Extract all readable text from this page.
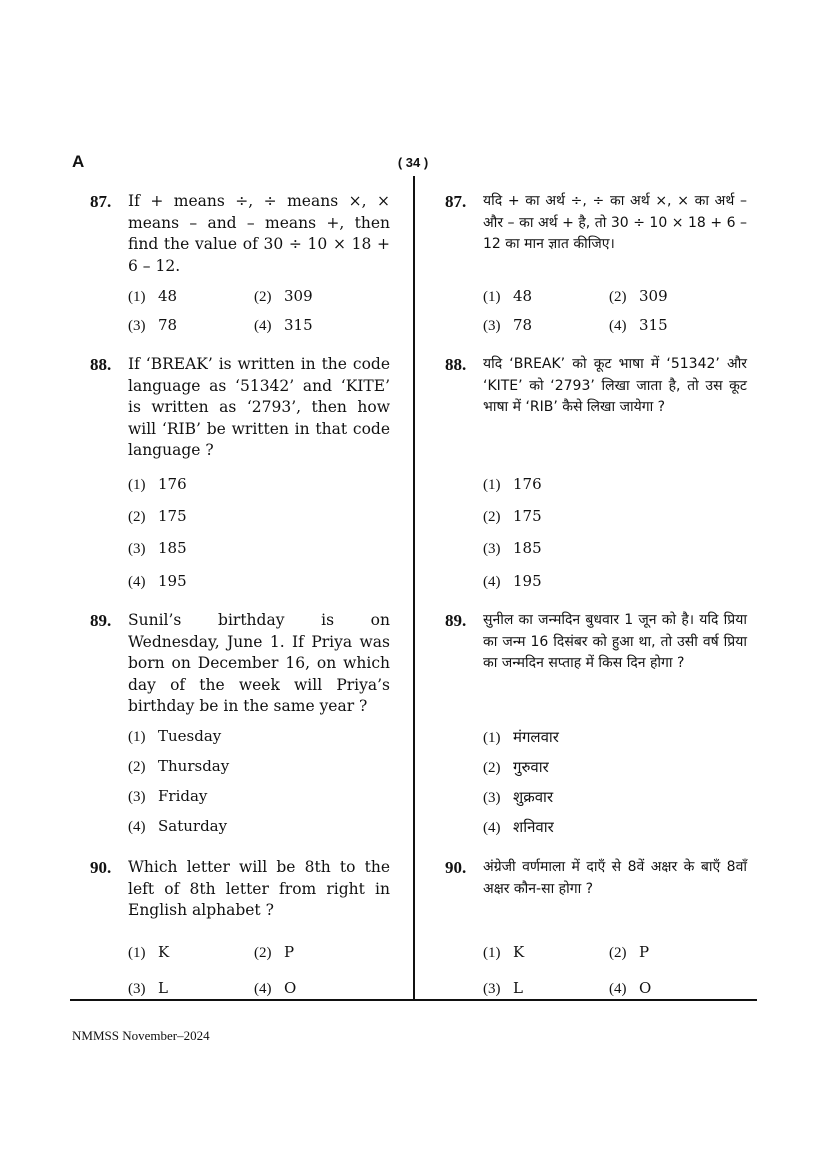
A	( 34 )
87. If + means ÷, ÷ means ×, × means – and – means +, then find the value of 30 ÷ 10 × 18 + 6 – 12.
(1) 48	(2) 309
(3) 78	(4) 315
88. If ‘BREAK’ is written in the code language as ‘51342’ and ‘KITE’ is written as ‘2793’, then how will ‘RIB’ be written in that code language ?
(1) 176
(2) 175
(3) 185
(4) 195
89. Sunil’s birthday is on Wednesday, June 1. If Priya was born on December 16, on which day of the week will Priya’s birthday be in the same year ?
(1) Tuesday
(2) Thursday
(3) Friday
(4) Saturday
90. Which letter will be 8th to the left of 8th letter from right in English alphabet ?
(1) K	(2) P
(3) L	(4) O
87. यदि + का अर्थ ÷, ÷ का अर्थ ×, × का अर्थ – और – का अर्थ + है, तो 30 ÷ 10 × 18 + 6 – 12 का मान ज्ञात कीजिए।
(1) 48	(2) 309
(3) 78	(4) 315
88. यदि ‘BREAK’ को कूट भाषा में ‘51342’ और ‘KITE’ को ‘2793’ लिखा जाता है, तो उस कूट भाषा में ‘RIB’ कैसे लिखा जायेगा ?
(1) 176
(2) 175
(3) 185
(4) 195
89. सुनील का जन्मदिन बुधवार 1 जून को है। यदि प्रिया का जन्म 16 दिसंबर को हुआ था, तो उसी वर्ष प्रिया का जन्मदिन सप्ताह में किस दिन होगा ?
(1) मंगलवार
(2) गुरुवार
(3) शुक्रवार
(4) शनिवार
90. अंग्रेजी वर्णमाला में दाएँ से 8वें अक्षर के बाएँ 8वाँ अक्षर कौन-सा होगा ?
(1) K	(2) P
(3) L	(4) O
NMMSS November–2024
